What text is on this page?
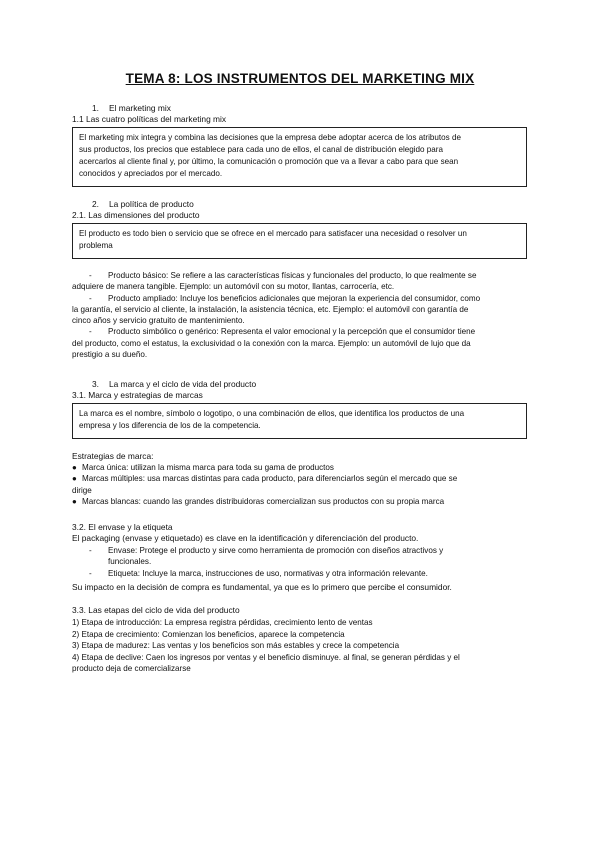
TEMA 8: LOS INSTRUMENTOS DEL MARKETING MIX
1. El marketing mix
1.1 Las cuatro políticas del marketing mix
El marketing mix integra y combina las decisiones que la empresa debe adoptar acerca de los atributos de
sus productos, los precios que establece para cada uno de ellos, el canal de distribución elegido para
acercarlos al cliente final y, por último, la comunicación o promoción que va a llevar a cabo para que sean
conocidos y apreciados por el mercado.
2. La política de producto
2.1. Las dimensiones del producto
El producto es todo bien o servicio que se ofrece en el mercado para satisfacer una necesidad o resolver un
problema
-	Producto básico: Se refiere a las características físicas y funcionales del producto, lo que realmente se
adquiere de manera tangible. Ejemplo: un automóvil con su motor, llantas, carrocería, etc.
-	Producto ampliado: Incluye los beneficios adicionales que mejoran la experiencia del consumidor, como
la garantía, el servicio al cliente, la instalación, la asistencia técnica, etc. Ejemplo: el automóvil con garantía de
cinco años y servicio gratuito de mantenimiento.
-	Producto simbólico o genérico: Representa el valor emocional y la percepción que el consumidor tiene
del producto, como el estatus, la exclusividad o la conexión con la marca. Ejemplo: un automóvil de lujo que da
prestigio a su dueño.
3. La marca y el ciclo de vida del producto
3.1. Marca y estrategias de marcas
La marca es el nombre, símbolo o logotipo, o una combinación de ellos, que identifica los productos de una
empresa y los diferencia de los de la competencia.
Estrategias de marca:
● Marca única: utilizan la misma marca para toda su gama de productos
● Marcas múltiples: usa marcas distintas para cada producto, para diferenciarlos según el mercado que se
dirige
● Marcas blancas: cuando las grandes distribuidoras comercializan sus productos con su propia marca
3.2. El envase y la etiqueta
El packaging (envase y etiquetado) es clave en la identificación y diferenciación del producto.
-	Envase: Protege el producto y sirve como herramienta de promoción con diseños atractivos y
funcionales.
-	Etiqueta: Incluye la marca, instrucciones de uso, normativas y otra información relevante.
Su impacto en la decisión de compra es fundamental, ya que es lo primero que percibe el consumidor.
3.3. Las etapas del ciclo de vida del producto
1) Etapa de introducción: La empresa registra pérdidas, crecimiento lento de ventas
2) Etapa de crecimiento: Comienzan los beneficios, aparece la competencia
3) Etapa de madurez: Las ventas y los beneficios son más estables y crece la competencia
4) Etapa de declive: Caen los ingresos por ventas y el beneficio disminuye. al final, se generan pérdidas y el
producto deja de comercializarse
